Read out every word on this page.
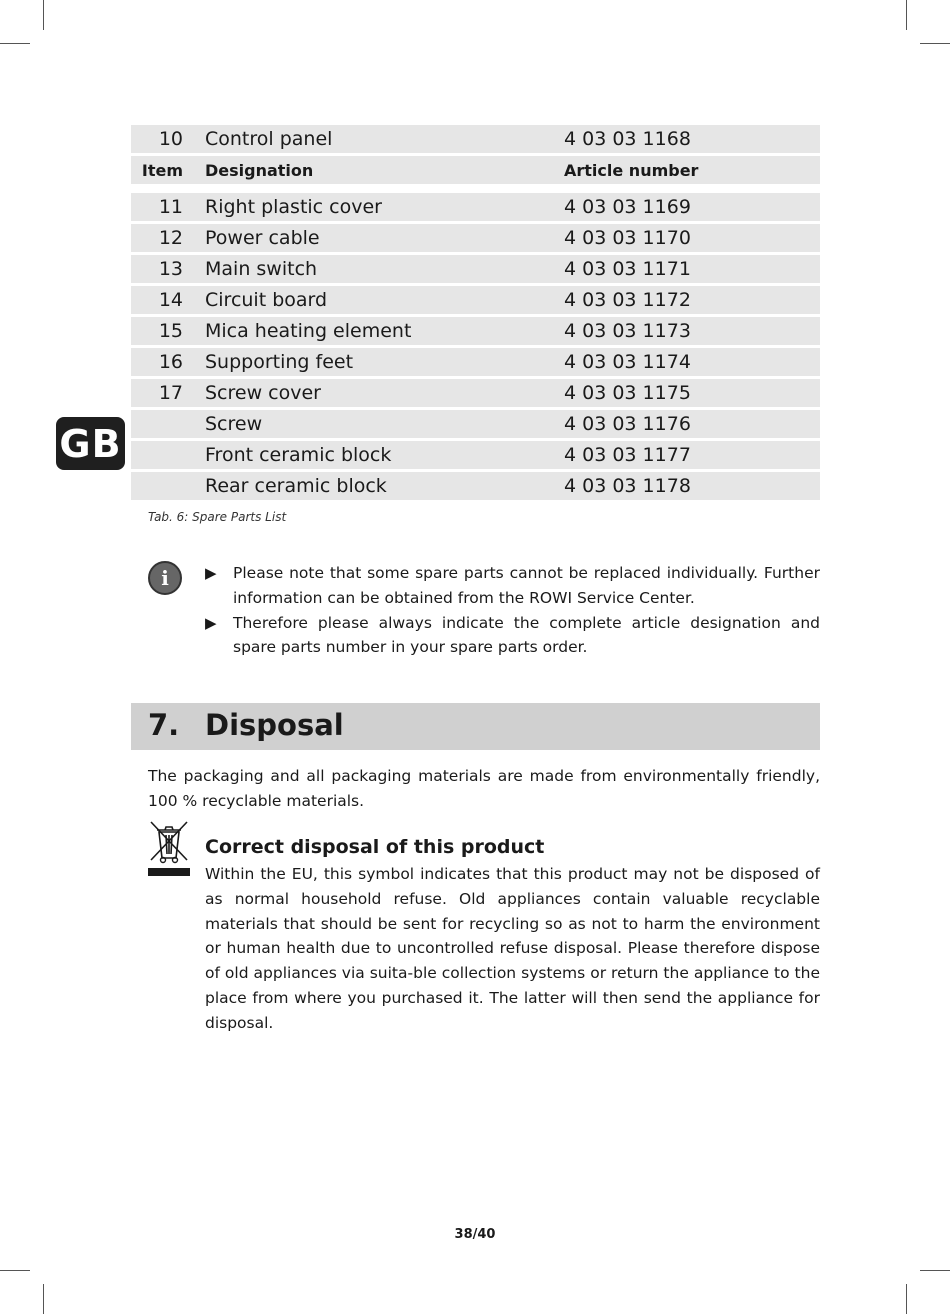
GB
10	Control panel	4 03 03 1168
Item	Designation	Article number

11	Right plastic cover	4 03 03 1169
12	Power cable	4 03 03 1170
13	Main switch	4 03 03 1171
14	Circuit board	4 03 03 1172
15	Mica heating element	4 03 03 1173
16	Supporting feet	4 03 03 1174
17	Screw cover	4 03 03 1175
	Screw	4 03 03 1176
	Front ceramic block	4 03 03 1177
	Rear ceramic block	4 03 03 1178
Tab. 6: Spare Parts List
i	▶ Please note that some spare parts cannot be replaced individually. Further information can be obtained from the ROWI Service Center.
▶ Therefore please always indicate the complete article designation and spare parts number in your spare parts order.
7. Disposal
The packaging and all packaging materials are made from environmentally friendly, 100 % recyclable materials.
Correct disposal of this product
Within the EU, this symbol indicates that this product may not be disposed of as normal household refuse. Old appliances contain valuable recyclable materials that should be sent for recycling so as not to harm the environment or human health due to uncontrolled refuse disposal. Please therefore dispose of old appliances via suita-ble collection systems or return the appliance to the place from where you purchased it. The latter will then send the appliance for disposal.
38/40
